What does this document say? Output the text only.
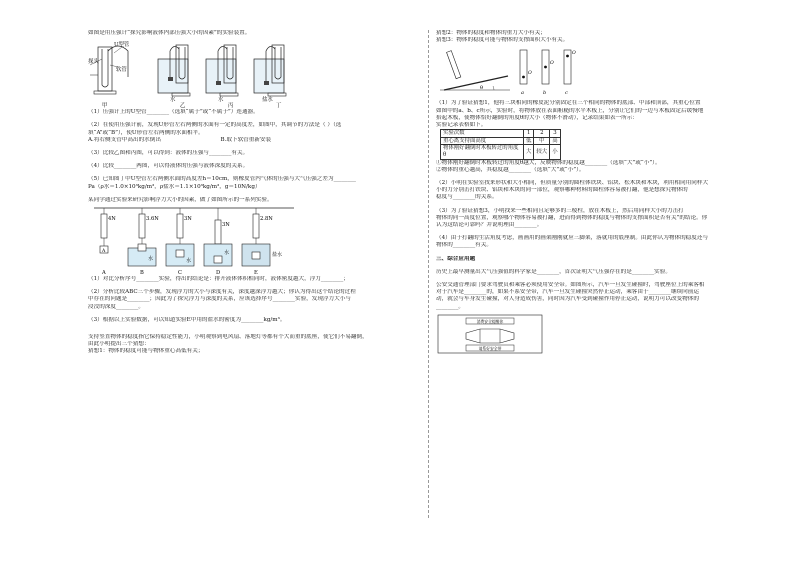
如图是用压强计“探究影响液体内部压强大小的因素”的实验装置。
U型管
探头
软管
水	水	盐水
甲	乙	丙	丁
（1）压强计上的U型管________（选填“属于”或“不属于”）连通器。
（2）在使用压强计前，发现U形管左右两侧的水面有一定的高度差，如图甲，其调节的方法是（ ）（选
填“A”或“B”），使U形管左右两侧的水面相平。
A.将右侧支管中高出的水倒出	B.取下软管重新安装
（3）比较乙图和丙图，可以得到：液体的压强与________有关。
（4）比较________两图，可以得液体的压强与液体深度的关系。
（5）已知图丁中U型管左右两侧水面的高度差h＝10cm，则橡皮管内气体的压强与大气压强之差为________
Pa（ρ水＝1.0×10³kg/m³，ρ盐水＝1.1×10³kg/m³，g＝10N/kg）
某同学通过实验来研究影响浮力大小的因素，做了如图所示的一系列实验。
4N	3.6N	3N
3N
2.8N
A
水	水
水	盐水
A	B	C	D	E
（1）对比分析序号________实验，得出的结论是：排开液体体积相同时，液体密度越大，浮力________；
（2）分析比较ABC三个步骤，发现浮力的大小与深度有关，深度越深浮力越大；你认为得出这个结论的过程
中存在的问题是________；因此为了探究浮力与深度的关系，应该选择序号________实验，发现浮力大小与
浸没的深度________。
（3）根据以上实验数据，可以知道实验E中用的盐水的密度为________kg/m³。
支持竖直物体的稳度指它保持稳定性能力，小明观察到电风扇、落地灯等都有个大而重的底座，使它们不易翻倒，
由此小明提出三个猜想：
猜想1：物体的稳度可能与物体重心高低有关；
猜想2：物体的稳度和物体的重力大小有关；
猜想3：物体的稳度可能与物体的支撑面积大小有关。
θ
O
O
O
a	b	c
（1）为了验证猜想1，他将三块相同的橡皮泥分别固定在三个相同的物体的底部、中部和顶部，其重心位置
如图中的a、b、c所示，实验时，将物体放在表面粗糙的水平木板上，分别让它们的一边与木板固定后缓慢地
抬起木板，使物体恰好翻倒的角度θ的大小（物体不滑动），记录结果如表一所示：
实验记录表格如下。
实验次数	1	2	3
重心离支持面高度	低	中	高
物体刚好翻倒时木板转过的角度θ	大	较大	小
①物体刚好翻倒时木板转过的角度θ越大，反映物体的稳度越________（选填“大”或“小”）。
②物体的重心越高，其稳度越________（选填“大”或“小”）。
（2）小明在实验室找来形状和大小相同，但质量分别的圆柱体铁块、铝块、松木块和木块，利用相同用同样大
小的力分别击打铁块、铝块和木块的同一部位，观察哪种材料的圆柱体容易被打翻，他是想探究物体的
稳度与________的关系。
（3）为了验证猜想3，小明找来一些相同且足够多的三棱柱，放在木板上，然后用同样大小的力击打
物体的同一高度位置，观察哪个物体容易被打翻，进而得到物体的稳度与物体的支撑面积是否有关”的结论。你
认为这结论可靠吗？并说明理由________。
（4）由于打翻的生活角度考虑，画画用的画架刚刚就应三脚架，落就用的底座制。由此你认为物体的稳度还与
物体的________有关。
三、综合应用题
历史上最早测量出大气压强值的科学家是________，首次证明大气压强存在的是________实验。
公安交通管理部门要求驾驶员和乘客必须使用安全带。如图所示，汽车一旦发生碰撞时，驾驶座位上的乘客相
对于汽车是________的，如果不系安全带，汽车一旦发生碰撞突然停止运动，乘客由于________继续向前运
动，就会与车身发生碰撞，对人身造成伤害，同时因为汽车受到碰撞作用停止运动，说明力可以改变物体的
________。
消费安全提醒你
请系好安全带
